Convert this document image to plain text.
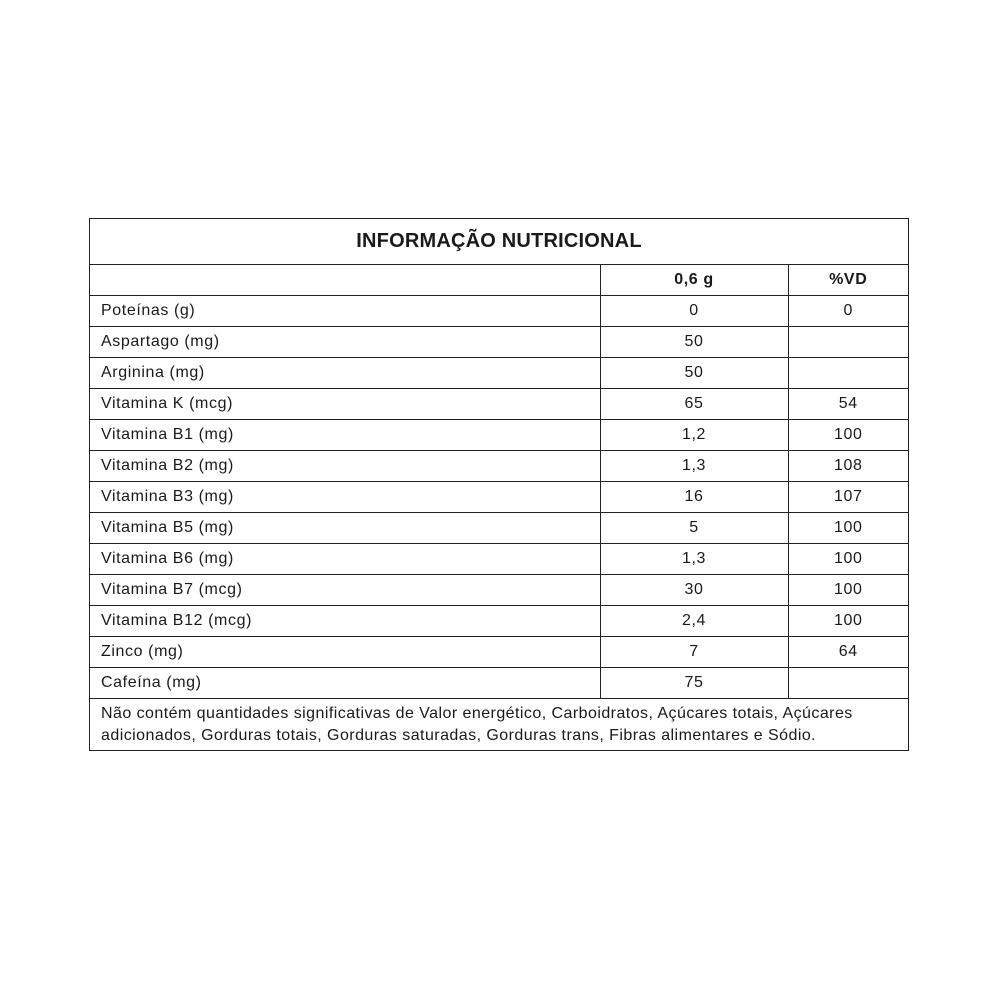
INFORMAÇÃO NUTRICIONAL
	0,6 g	%VD
Poteínas (g)	0	0
Aspartago (mg)	50	
Arginina (mg)	50	
Vitamina K (mcg)	65	54
Vitamina B1 (mg)	1,2	100
Vitamina B2 (mg)	1,3	108
Vitamina B3 (mg)	16	107
Vitamina B5 (mg)	5	100
Vitamina B6 (mg)	1,3	100
Vitamina B7 (mcg)	30	100
Vitamina B12 (mcg)	2,4	100
Zinco (mg)	7	64
Cafeína (mg)	75	
Não contém quantidades significativas de Valor energético, Carboidratos, Açúcares totais, Açúcares adicionados, Gorduras totais, Gorduras saturadas, Gorduras trans, Fibras alimentares e Sódio.
